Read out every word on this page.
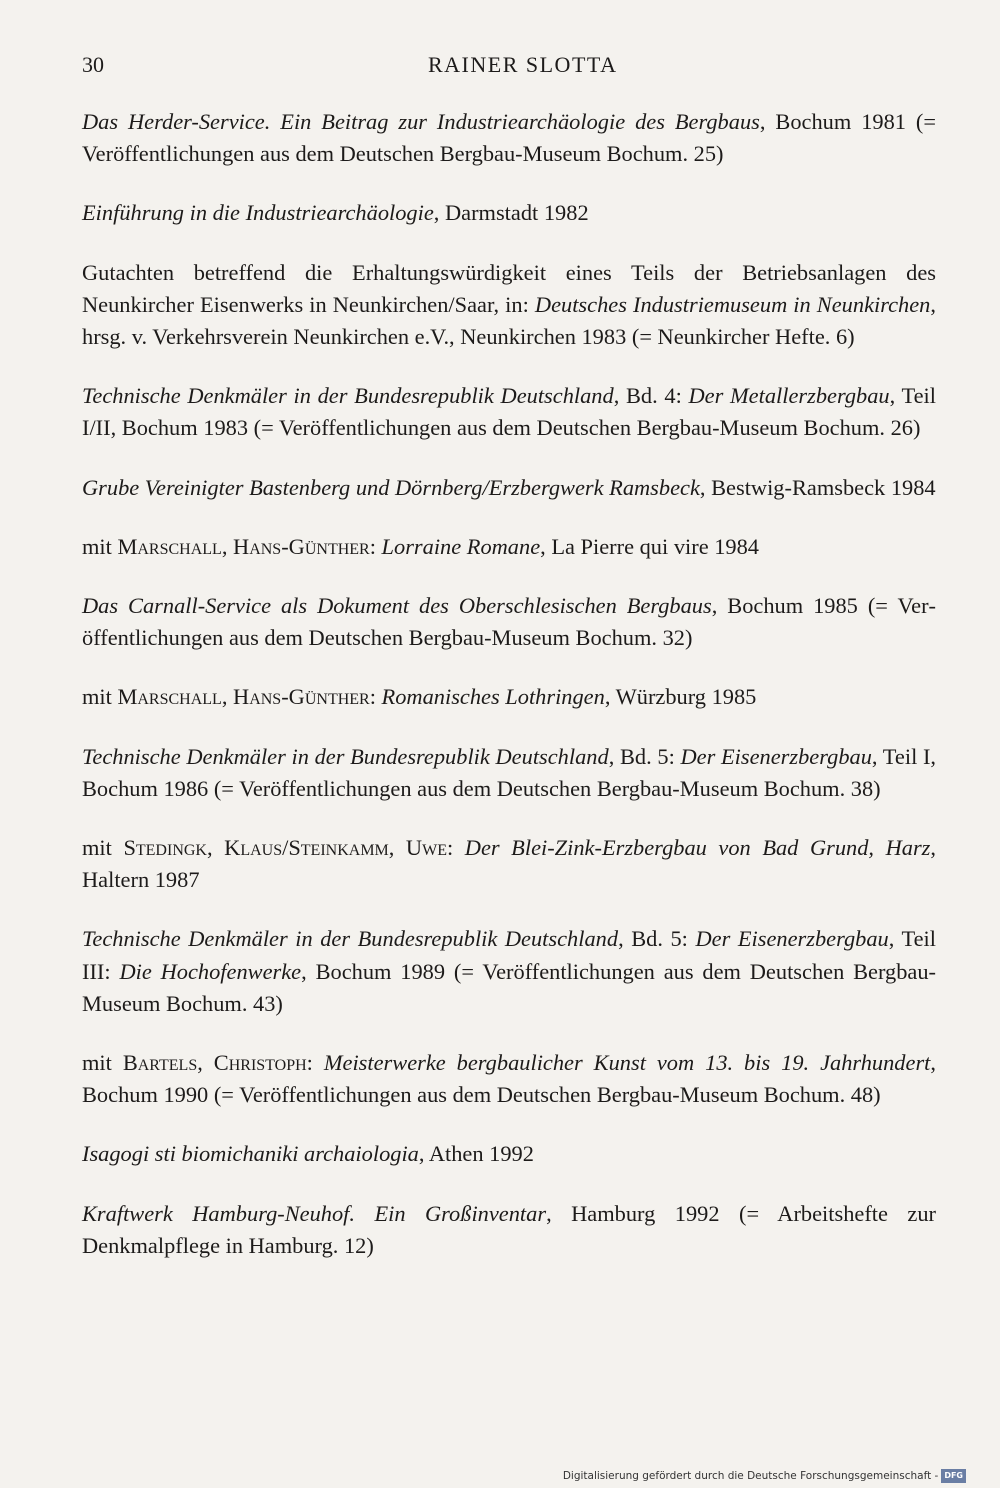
30	RAINER SLOTTA

Das Herder-Service. Ein Beitrag zur Industriearchäologie des Bergbaus, Bochum 1981 (= Veröffentlichungen aus dem Deutschen Bergbau-Museum Bochum. 25)

Einführung in die Industriearchäologie, Darmstadt 1982

Gutachten betreffend die Erhaltungswürdigkeit eines Teils der Betriebsanlagen des Neunkircher Eisenwerks in Neunkirchen/Saar, in: Deutsches Industriemuseum in Neunkirchen, hrsg. v. Verkehrsverein Neunkirchen e.V., Neunkirchen 1983 (= Neunkircher Hefte. 6)

Technische Denkmäler in der Bundesrepublik Deutschland, Bd. 4: Der Metallerzbergbau, Teil I/II, Bochum 1983 (= Veröffentlichungen aus dem Deutschen Bergbau-Museum Bochum. 26)

Grube Vereinigter Bastenberg und Dörnberg/Erzbergwerk Ramsbeck, Bestwig-Ramsbeck 1984

mit Marschall, Hans-Günther: Lorraine Romane, La Pierre qui vire 1984

Das Carnall-Service als Dokument des Oberschlesischen Bergbaus, Bochum 1985 (= Veröffentlichungen aus dem Deutschen Bergbau-Museum Bochum. 32)

mit Marschall, Hans-Günther: Romanisches Lothringen, Würzburg 1985

Technische Denkmäler in der Bundesrepublik Deutschland, Bd. 5: Der Eisenerzbergbau, Teil I, Bochum 1986 (= Veröffentlichungen aus dem Deutschen Bergbau-Museum Bochum. 38)

mit Stedingk, Klaus/Steinkamm, Uwe: Der Blei-Zink-Erzbergbau von Bad Grund, Harz, Haltern 1987

Technische Denkmäler in der Bundesrepublik Deutschland, Bd. 5: Der Eisenerzbergbau, Teil III: Die Hochofenwerke, Bochum 1989 (= Veröffentlichungen aus dem Deutschen Bergbau-Museum Bochum. 43)

mit Bartels, Christoph: Meisterwerke bergbaulicher Kunst vom 13. bis 19. Jahrhundert, Bochum 1990 (= Veröffentlichungen aus dem Deutschen Bergbau-Museum Bochum. 48)

Isagogi sti biomichaniki archaiologia, Athen 1992

Kraftwerk Hamburg-Neuhof. Ein Großinventar, Hamburg 1992 (= Arbeitshefte zur Denkmalpflege in Hamburg. 12)

Digitalisierung gefördert durch die Deutsche Forschungsgemeinschaft - DFG
